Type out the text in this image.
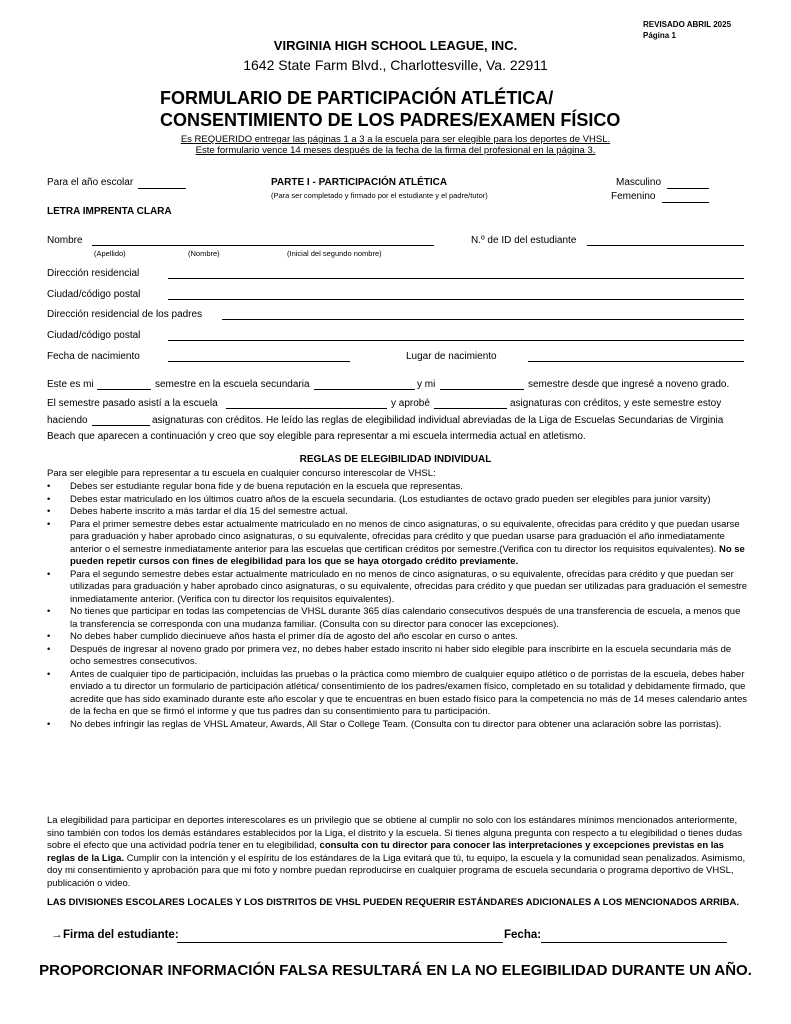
REVISADO ABRIL 2025
Página 1
VIRGINIA HIGH SCHOOL LEAGUE, INC.
1642 State Farm Blvd., Charlottesville, Va. 22911
FORMULARIO DE PARTICIPACIÓN ATLÉTICA/
CONSENTIMIENTO DE LOS PADRES/EXAMEN FÍSICO
Es REQUERIDO entregar las páginas 1 a 3 a la escuela para ser elegible para los deportes de VHSL.
Este formulario vence 14 meses después de la fecha de la firma del profesional en la página 3.
Para el año escolar	PARTE I - PARTICIPACIÓN ATLÉTICA
(Para ser completado y firmado por el estudiante y el padre/tutor)
Masculino
Femenino
LETRA IMPRENTA CLARA
Nombre
(Apellido)	(Nombre)	(Inicial del segundo nombre)
N.º de ID del estudiante
Dirección residencial
Ciudad/código postal
Dirección residencial de los padres
Ciudad/código postal
Fecha de nacimiento	Lugar de nacimiento
Este es mi	semestre en la escuela secundaria	y mi	semestre desde que ingresé a noveno grado.
El semestre pasado asistí a la escuela	y aprobé	asignaturas con créditos, y este semestre estoy
haciendo	asignaturas con créditos. He leído las reglas de elegibilidad individual abreviadas de la Liga de Escuelas Secundarias de Virginia
Beach que aparecen a continuación y creo que soy elegible para representar a mi escuela intermedia actual en atletismo.
REGLAS DE ELEGIBILIDAD INDIVIDUAL
Para ser elegible para representar a tu escuela en cualquier concurso interescolar de VHSL:
• Debes ser estudiante regular bona fide y de buena reputación en la escuela que representas.
• Debes estar matriculado en los últimos cuatro años de la escuela secundaria. (Los estudiantes de octavo grado pueden ser elegibles para junior varsity)
• Debes haberte inscrito a más tardar el día 15 del semestre actual.
• Para el primer semestre debes estar actualmente matriculado en no menos de cinco asignaturas, o su equivalente, ofrecidas para crédito y que puedan usarse para graduación y haber aprobado cinco asignaturas, o su equivalente, ofrecidas para crédito y que puedan usarse para graduación el año inmediatamente anterior o el semestre inmediatamente anterior para las escuelas que certifican créditos por semestre.(Verifica con tu director los requisitos equivalentes). No se pueden repetir cursos con fines de elegibilidad para los que se haya otorgado crédito previamente.
• Para el segundo semestre debes estar actualmente matriculado en no menos de cinco asignaturas, o su equivalente, ofrecidas para crédito y que puedan ser utilizadas para graduación y haber aprobado cinco asignaturas, o su equivalente, ofrecidas para crédito y que puedan ser utilizadas para graduación el semestre inmediatamente anterior. (Verifica con tu director los requisitos equivalentes).
• No tienes que participar en todas las competencias de VHSL durante 365 días calendario consecutivos después de una transferencia de escuela, a menos que la transferencia se corresponda con una mudanza familiar. (Consulta con su director para conocer las excepciones).
• No debes haber cumplido diecinueve años hasta el primer día de agosto del año escolar en curso o antes.
• Después de ingresar al noveno grado por primera vez, no debes haber estado inscrito ni haber sido elegible para inscribirte en la escuela secundaria más de ocho semestres consecutivos.
• Antes de cualquier tipo de participación, incluidas las pruebas o la práctica como miembro de cualquier equipo atlético o de porristas de la escuela, debes haber enviado a tu director un formulario de participación atlética/ consentimiento de los padres/examen físico, completado en su totalidad y debidamente firmado, que acredite que has sido examinado durante este año escolar y que te encuentras en buen estado físico para la competencia no más de 14 meses calendario antes de la fecha en que se firmó el informe y que tus padres dan su consentimiento para tu participación.
• No debes infringir las reglas de VHSL Amateur, Awards, All Star o College Team. (Consulta con tu director para obtener una aclaración sobre las porristas).
La elegibilidad para participar en deportes interescolares es un privilegio que se obtiene al cumplir no solo con los estándares mínimos mencionados anteriormente, sino también con todos los demás estándares establecidos por la Liga, el distrito y la escuela. Si tienes alguna pregunta con respecto a tu elegibilidad o tienes dudas sobre el efecto que una actividad podría tener en tu elegibilidad, consulta con tu director para conocer las interpretaciones y excepciones previstas en las reglas de la Liga. Cumplir con la intención y el espíritu de los estándares de la Liga evitará que tú, tu equipo, la escuela y la comunidad sean penalizados. Asimismo, doy mi consentimiento y aprobación para que mi foto y nombre puedan reproducirse en cualquier programa de escuela secundaria o programa deportivo de VHSL, publicación o video.
LAS DIVISIONES ESCOLARES LOCALES Y LOS DISTRITOS DE VHSL PUEDEN REQUERIR ESTÁNDARES ADICIONALES A LOS MENCIONADOS ARRIBA.
→ Firma del estudiante:	Fecha:
PROPORCIONAR INFORMACIÓN FALSA RESULTARÁ EN LA NO ELEGIBILIDAD DURANTE UN AÑO.
